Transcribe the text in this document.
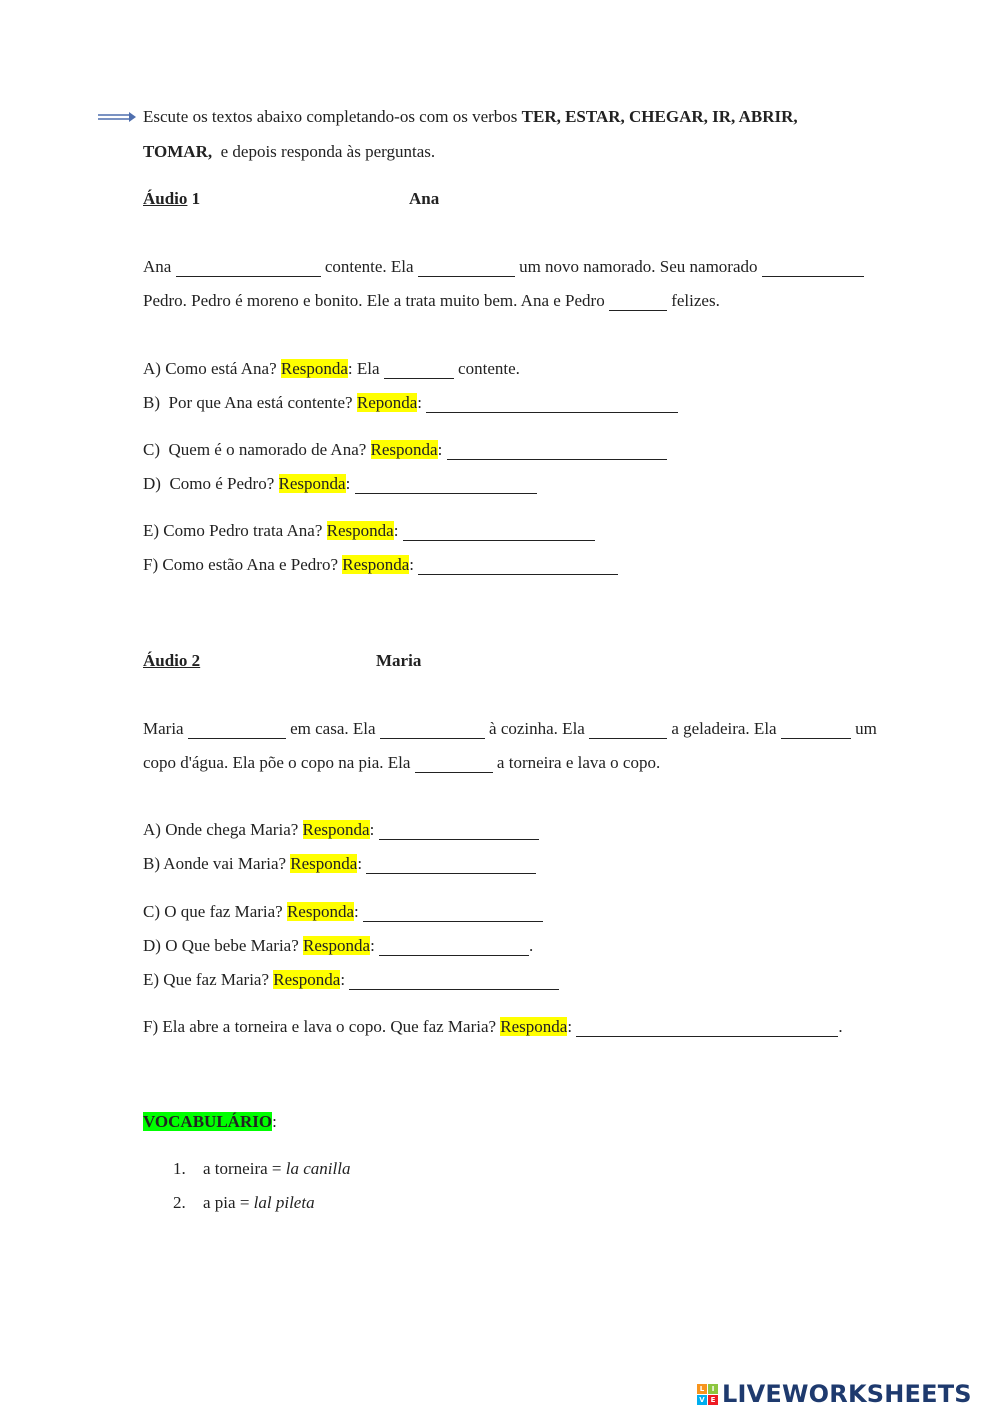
Escute os textos abaixo completando-os com os verbos TER, ESTAR, CHEGAR, IR, ABRIR,
TOMAR,  e depois responda às perguntas.
Áudio 1	Ana
Ana	contente. Ela	um novo namorado. Seu namorado
Pedro. Pedro é moreno e bonito. Ele a trata muito bem. Ana e Pedro	felizes.
A) Como está Ana? Responda: Ela	contente.
B)  Por que Ana está contente? Reponda:
C)  Quem é o namorado de Ana? Responda:
D)  Como é Pedro? Responda:
E) Como Pedro trata Ana? Responda:
F) Como estão Ana e Pedro? Responda:
Áudio 2	Maria
Maria	em casa. Ela	à cozinha. Ela	a geladeira. Ela	um
copo d'água. Ela põe o copo na pia. Ela	a torneira e lava o copo.
A) Onde chega Maria? Responda:
B) Aonde vai Maria? Responda:
C) O que faz Maria? Responda:
D) O Que bebe Maria? Responda:	.
E) Que faz Maria? Responda:
F) Ela abre a torneira e lava o copo. Que faz Maria? Responda:	.
VOCABULÁRIO:
1. a torneira = la canilla
2. a pia = lal pileta
L	I
V E LIVEWORKSHEETS
